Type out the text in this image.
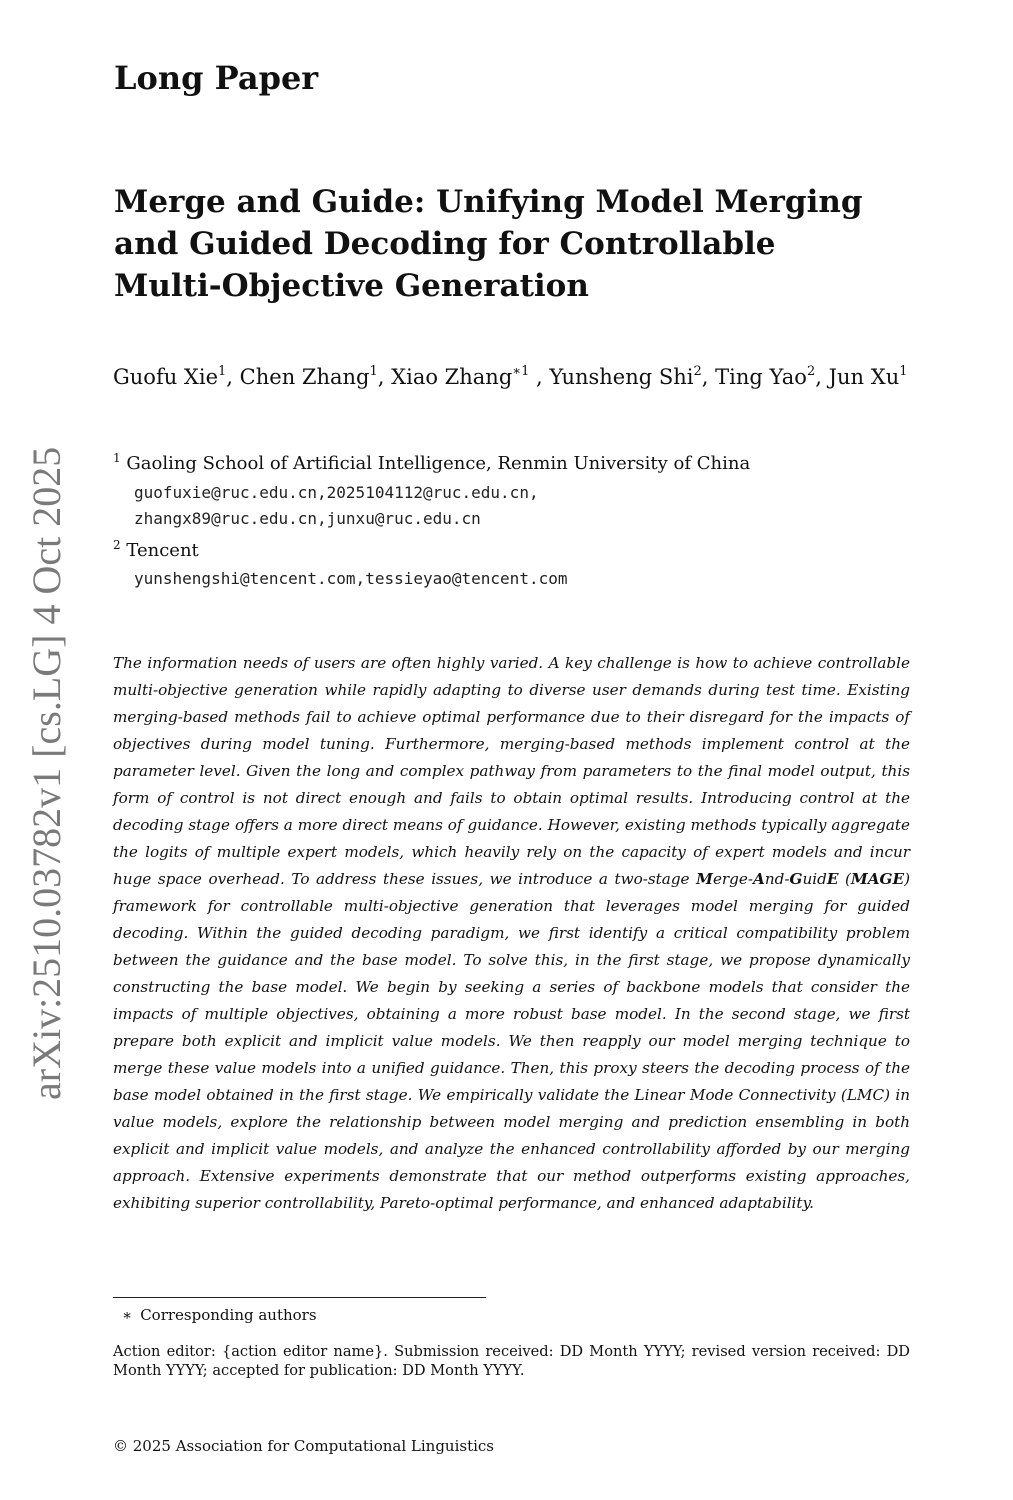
arXiv:2510.03782v1 [cs.LG] 4 Oct 2025
Long Paper
Merge and Guide: Unifying Model Merging
and Guided Decoding for Controllable
Multi-Objective Generation
Guofu Xie$^1$, Chen Zhang$^1$, Xiao Zhang$^{∗1}$ , Yunsheng Shi$^2$, Ting Yao$^2$, Jun Xu$^1$
$^1$ Gaoling School of Artificial Intelligence, Renmin University of China
guofuxie@ruc.edu.cn,2025104112@ruc.edu.cn,
zhangx89@ruc.edu.cn,junxu@ruc.edu.cn
$^2$ Tencent
yunshengshi@tencent.com,tessieyao@tencent.com
The information needs of users are often highly varied. A key challenge is how to achieve controllable multi-objective generation while rapidly adapting to diverse user demands during test time. Existing merging-based methods fail to achieve optimal performance due to their disregard for the impacts of objectives during model tuning. Furthermore, merging-based methods implement control at the parameter level. Given the long and complex pathway from parameters to the final model output, this form of control is not direct enough and fails to obtain optimal results. Introducing control at the decoding stage offers a more direct means of guidance. However, existing methods typically aggregate the logits of multiple expert models, which heavily rely on the capacity of expert models and incur huge space overhead. To address these issues, we introduce a two-stage Merge-And-GuidE (MAGE) framework for controllable multi-objective generation that leverages model merging for guided decoding. Within the guided decoding paradigm, we first identify a critical compatibility problem between the guidance and the base model. To solve this, in the first stage, we propose dynamically constructing the base model. We begin by seeking a series of backbone models that consider the impacts of multiple objectives, obtaining a more robust base model. In the second stage, we first prepare both explicit and implicit value models. We then reapply our model merging technique to merge these value models into a unified guidance. Then, this proxy steers the decoding process of the base model obtained in the first stage. We empirically validate the Linear Mode Connectivity (LMC) in value models, explore the relationship between model merging and prediction ensembling in both explicit and implicit value models, and analyze the enhanced controllability afforded by our merging approach. Extensive experiments demonstrate that our method outperforms existing approaches, exhibiting superior controllability, Pareto-optimal performance, and enhanced adaptability.
∗ Corresponding authors
Action editor: {action editor name}. Submission received: DD Month YYYY; revised version received: DD Month YYYY; accepted for publication: DD Month YYYY.
© 2025 Association for Computational Linguistics
